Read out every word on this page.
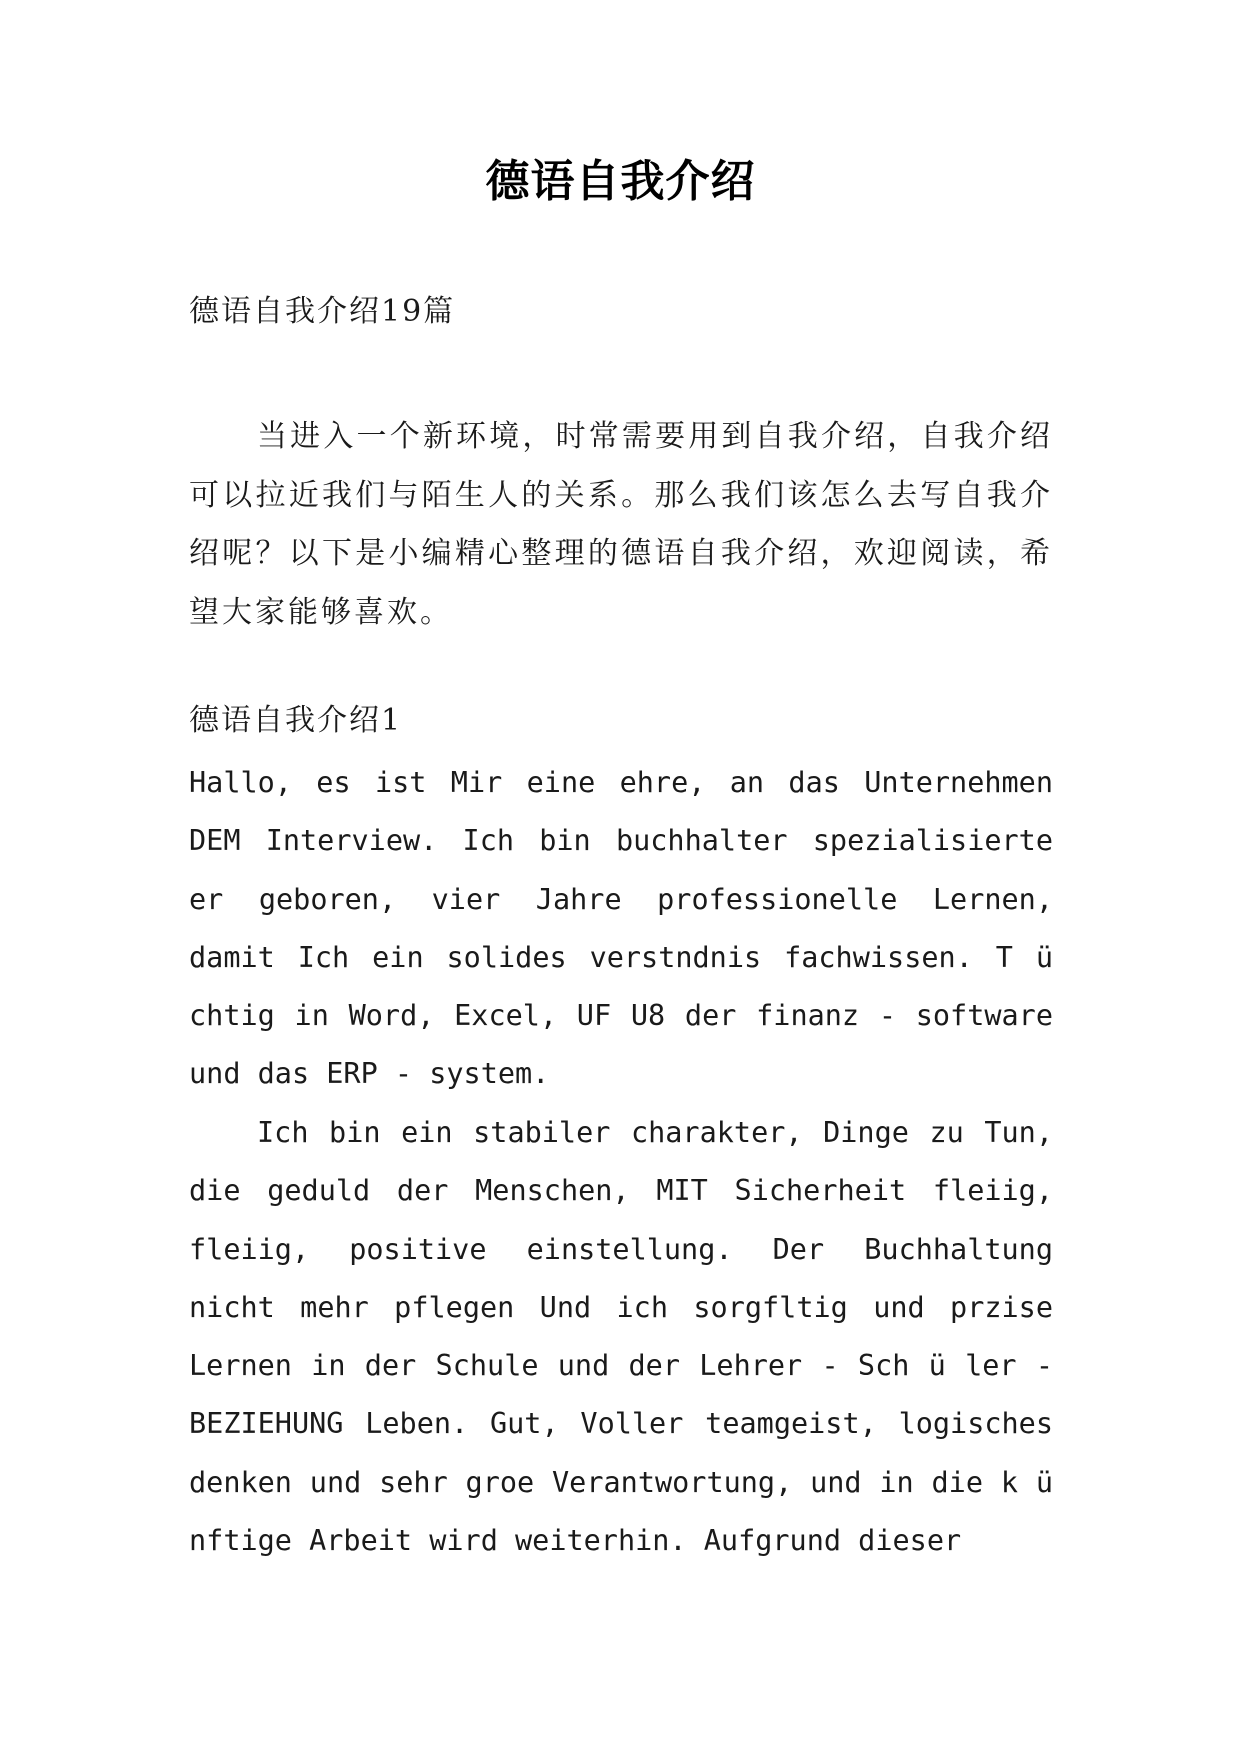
德语自我介绍
德语自我介绍19篇

当进入一个新环境，时常需要用到自我介绍，自我介绍可以拉近我们与陌生人的关系。那么我们该怎么去写自我介绍呢？以下是小编精心整理的德语自我介绍，欢迎阅读，希望大家能够喜欢。

德语自我介绍1

Hallo, es ist Mir eine ehre, an das Unternehmen DEM Interview. Ich bin buchhalter spezialisierte er geboren, vier Jahre professionelle Lernen, damit Ich ein solides verstndnis fachwissen. T ü chtig in Word, Excel, UF U8 der finanz - software und das ERP - system.

Ich bin ein stabiler charakter, Dinge zu Tun, die geduld der Menschen, MIT Sicherheit fleiig, fleiig, positive einstellung. Der Buchhaltung nicht mehr pflegen Und ich sorgfltig und przise Lernen in der Schule und der Lehrer - Sch ü ler - BEZIEHUNG Leben. Gut, Voller teamgeist, logisches denken und sehr groe Verantwortung, und in die k ü nftige Arbeit wird weiterhin. Aufgrund dieser
